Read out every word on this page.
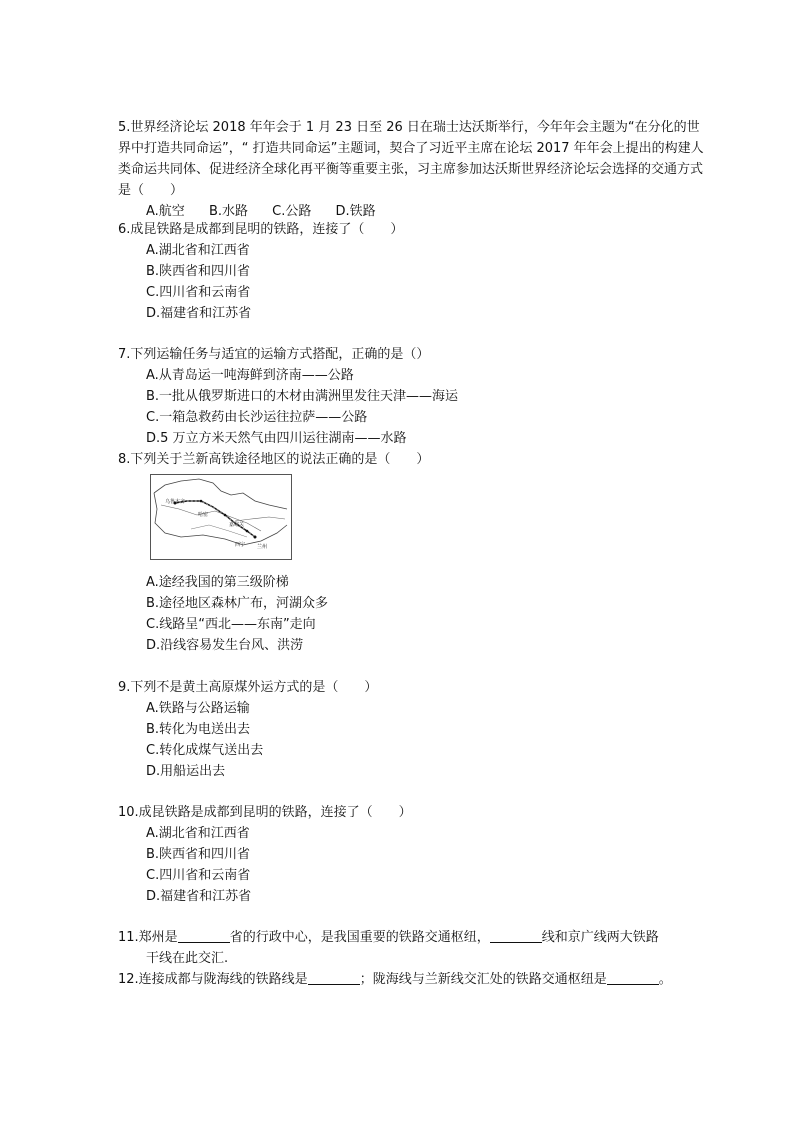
5.世界经济论坛 2018 年年会于 1 月 23 日至 26 日在瑞士达沃斯举行，今年年会主题为“在分化的世界中打造共同命运”，“ 打造共同命运”主题词，契合了习近平主席在论坛 2017 年年会上提出的构建人类命运共同体、促进经济全球化再平衡等重要主张，习主席参加达沃斯世界经济论坛会选择的交通方式是（　　）

A.航空 B.水路 C.公路 D.铁路

6.成昆铁路是成都到昆明的铁路，连接了（　　）

A.湖北省和江西省
B.陕西省和四川省
C.四川省和云南省
D.福建省和江苏省

7.下列运输任务与适宜的运输方式搭配，正确的是（）

A.从青岛运一吨海鲜到济南——公路
B.一批从俄罗斯进口的木材由满洲里发往天津——海运
C.一箱急救药由长沙运往拉萨——公路
D.5 万立方米天然气由四川运往湖南——水路

8.下列关于兰新高铁途径地区的说法正确的是（　　）

乌鲁木齐
哈密
嘉峪关
西宁 兰州
A.途经我国的第三级阶梯
B.途径地区森林广布，河湖众多
C.线路呈“西北——东南”走向
D.沿线容易发生台风、洪涝

9.下列不是黄土高原煤外运方式的是（　　）

A.铁路与公路运输
B.转化为电送出去
C.转化成煤气送出去
D.用船运出去

10.成昆铁路是成都到昆明的铁路，连接了（　　）

A.湖北省和江西省
B.陕西省和四川省
C.四川省和云南省
D.福建省和江苏省
11.郑州是	省的行政中心，是我国重要的铁路交通枢纽，	线和京广线两大铁路
干线在此交汇.
12.连接成都与陇海线的铁路线是	；陇海线与兰新线交汇处的铁路交通枢纽是	。
